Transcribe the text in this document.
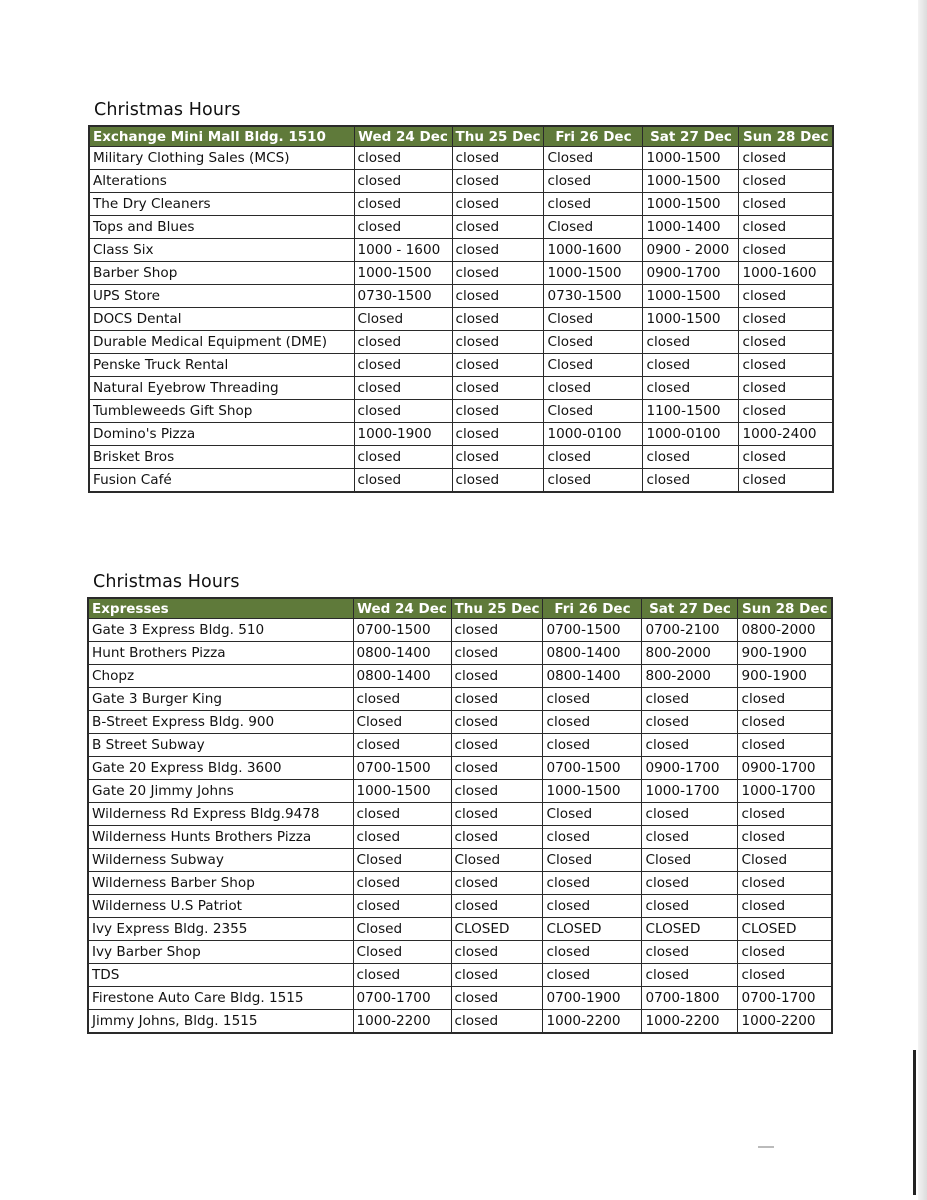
Christmas Hours
Exchange Mini Mall Bldg. 1510	Wed 24 Dec	Thu 25 Dec	Fri 26 Dec	Sat 27 Dec	Sun 28 Dec
Military Clothing Sales (MCS)	closed	closed	Closed	1000-1500	closed
Alterations	closed	closed	closed	1000-1500	closed
The Dry Cleaners	closed	closed	closed	1000-1500	closed
Tops and Blues	closed	closed	Closed	1000-1400	closed
Class Six	1000 - 1600	closed	1000-1600	0900 - 2000	closed
Barber Shop	1000-1500	closed	1000-1500	0900-1700	1000-1600
UPS Store	0730-1500	closed	0730-1500	1000-1500	closed
DOCS Dental	Closed	closed	Closed	1000-1500	closed
Durable Medical Equipment (DME)	closed	closed	Closed	closed	closed
Penske Truck Rental	closed	closed	Closed	closed	closed
Natural Eyebrow Threading	closed	closed	closed	closed	closed
Tumbleweeds Gift Shop	closed	closed	Closed	1100-1500	closed
Domino's Pizza	1000-1900	closed	1000-0100	1000-0100	1000-2400
Brisket Bros	closed	closed	closed	closed	closed
Fusion Café	closed	closed	closed	closed	closed
Christmas Hours
Expresses	Wed 24 Dec	Thu 25 Dec	Fri 26 Dec	Sat 27 Dec	Sun 28 Dec
Gate 3 Express Bldg. 510	0700-1500	closed	0700-1500	0700-2100	0800-2000
Hunt Brothers Pizza	0800-1400	closed	0800-1400	800-2000	900-1900
Chopz	0800-1400	closed	0800-1400	800-2000	900-1900
Gate 3 Burger King	closed	closed	closed	closed	closed
B-Street Express Bldg. 900	Closed	closed	closed	closed	closed
B Street Subway	closed	closed	closed	closed	closed
Gate 20 Express Bldg. 3600	0700-1500	closed	0700-1500	0900-1700	0900-1700
Gate 20 Jimmy Johns	1000-1500	closed	1000-1500	1000-1700	1000-1700
Wilderness Rd Express Bldg.9478	closed	closed	Closed	closed	closed
Wilderness Hunts Brothers Pizza	closed	closed	closed	closed	closed
Wilderness Subway	Closed	Closed	Closed	Closed	Closed
Wilderness Barber Shop	closed	closed	closed	closed	closed
Wilderness U.S Patriot	closed	closed	closed	closed	closed
Ivy Express Bldg. 2355	Closed	CLOSED	CLOSED	CLOSED	CLOSED
Ivy Barber Shop	Closed	closed	closed	closed	closed
TDS	closed	closed	closed	closed	closed
Firestone Auto Care Bldg. 1515	0700-1700	closed	0700-1900	0700-1800	0700-1700
Jimmy Johns, Bldg. 1515	1000-2200	closed	1000-2200	1000-2200	1000-2200
